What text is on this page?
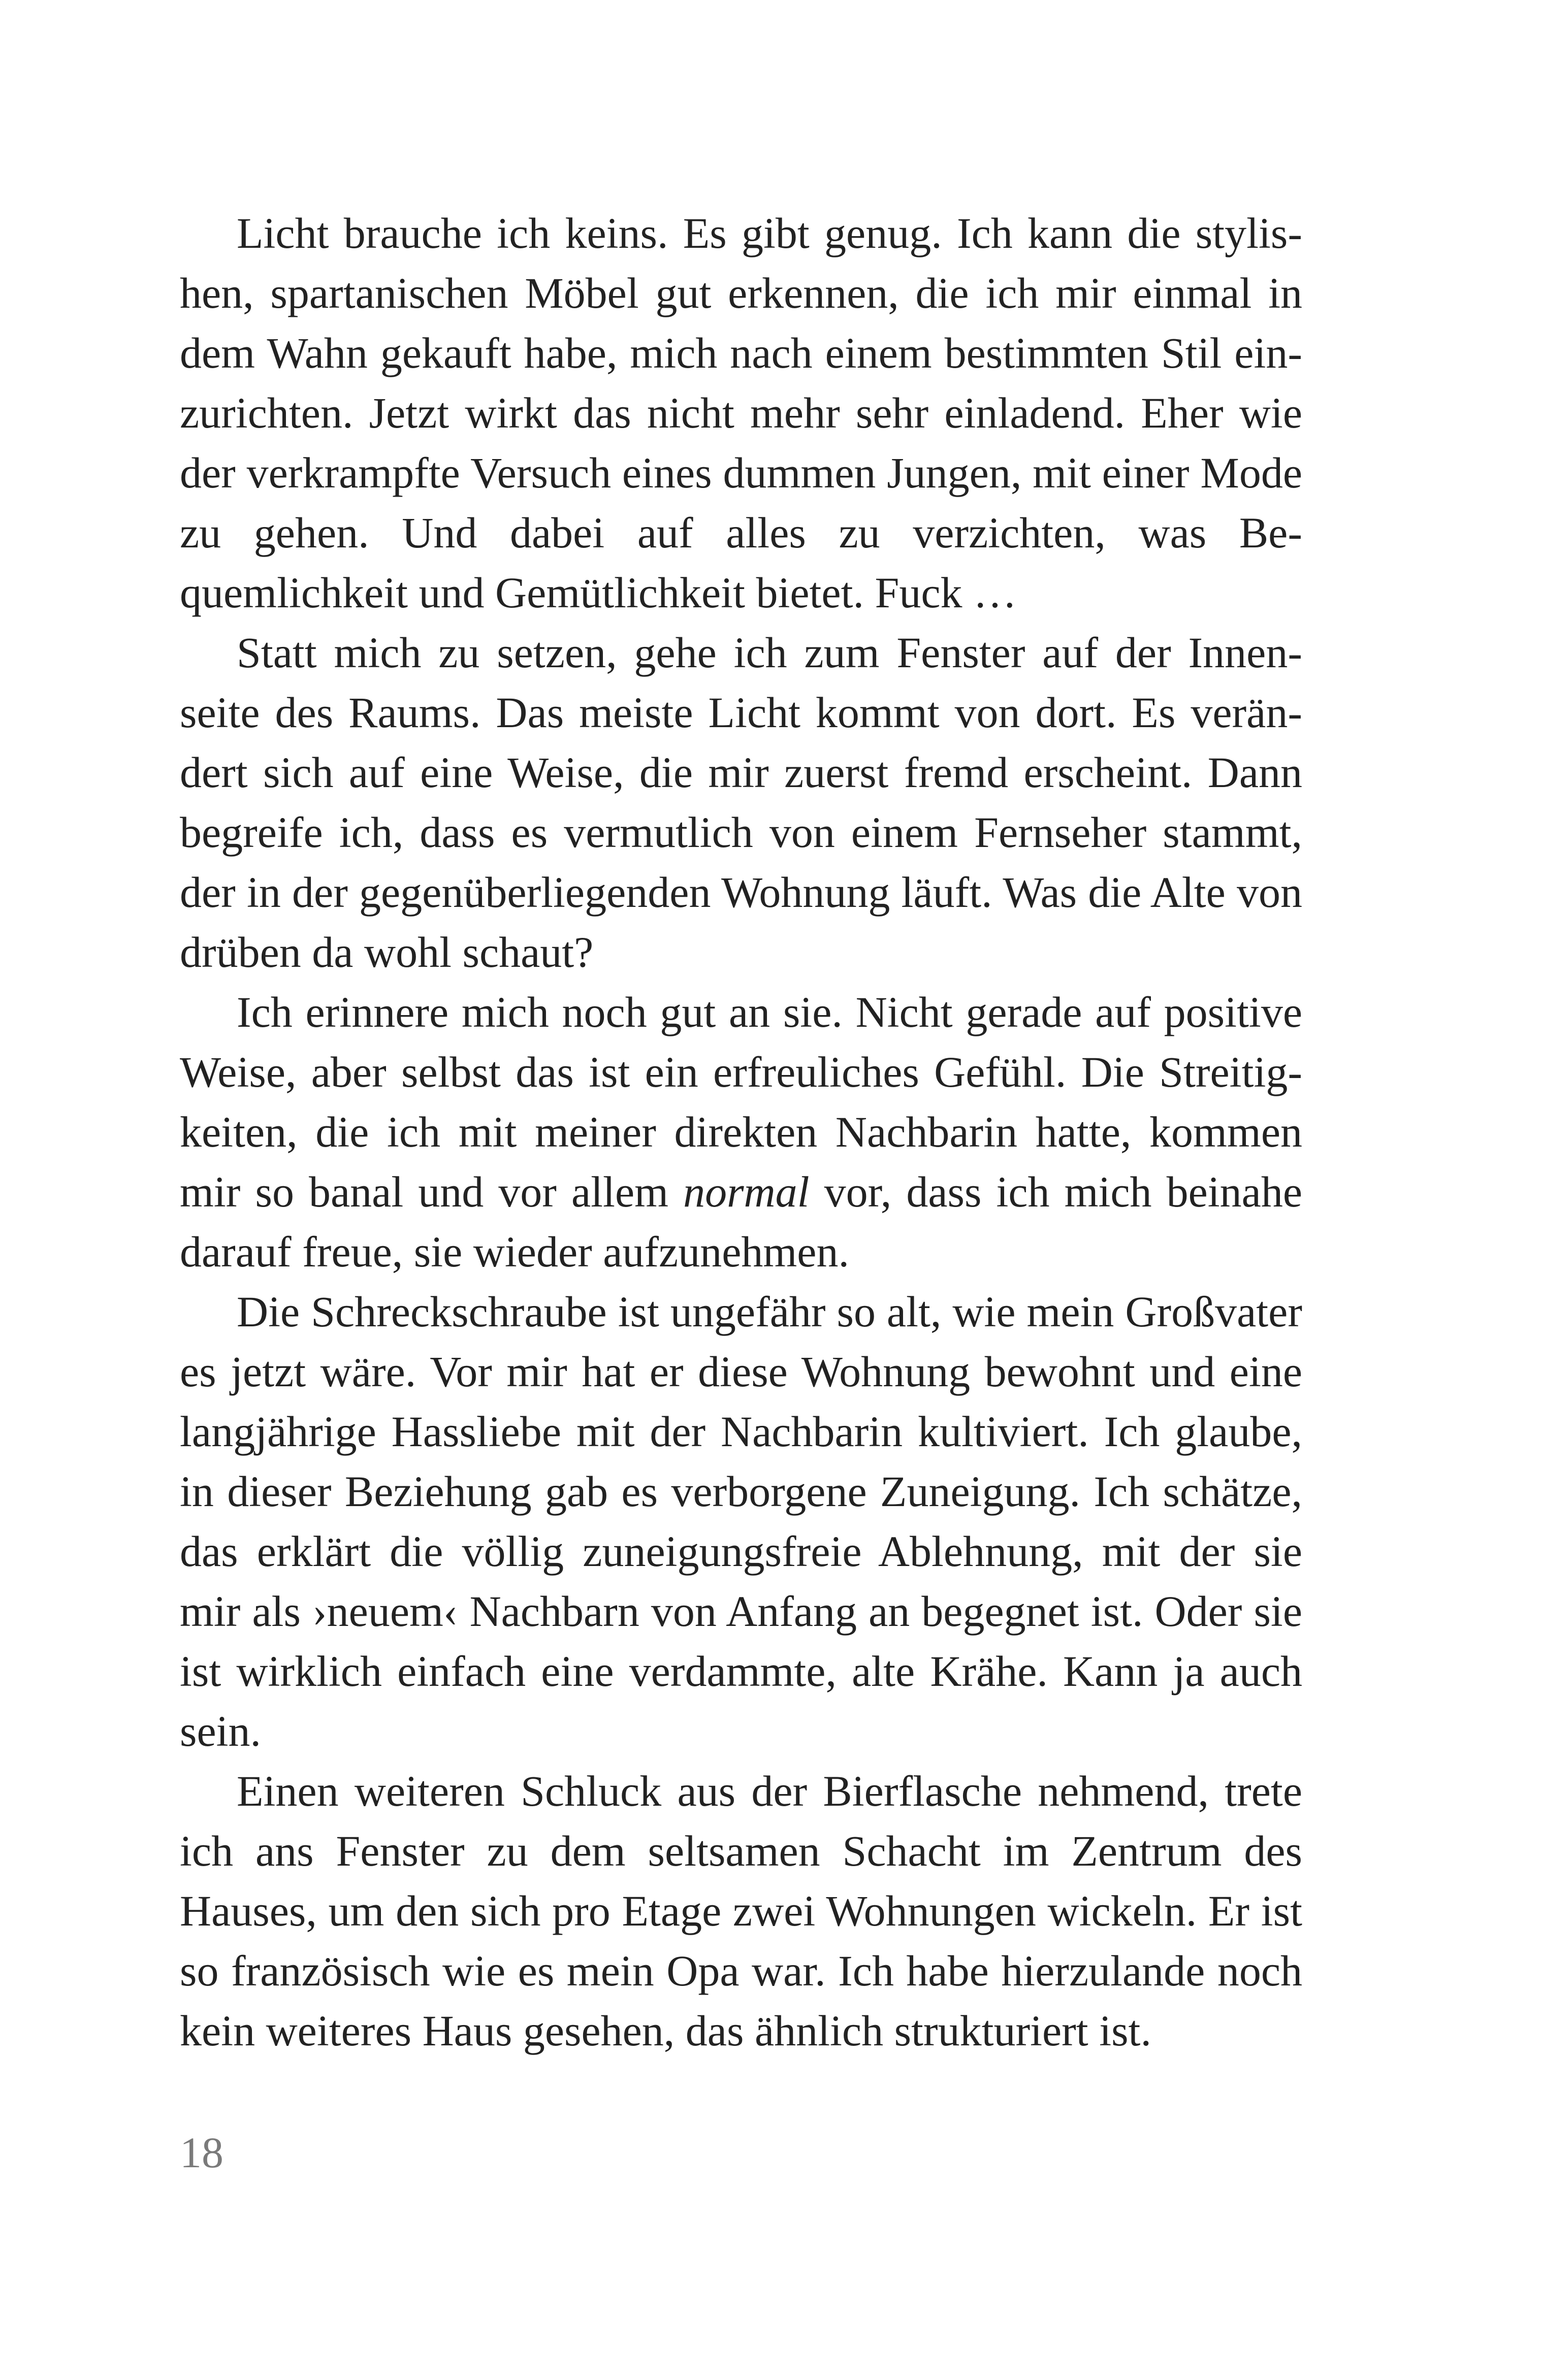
Licht brauche ich keins. Es gibt genug. Ich kann die stylishen, spartanischen Möbel gut erkennen, die ich mir einmal in dem Wahn gekauft habe, mich nach einem bestimmten Stil einzurichten. Jetzt wirkt das nicht mehr sehr einladend. Eher wie der verkrampfte Versuch eines dummen Jungen, mit einer Mode zu gehen. Und dabei auf alles zu verzichten, was Bequemlichkeit und Gemütlichkeit bietet. Fuck …

Statt mich zu setzen, gehe ich zum Fenster auf der Innenseite des Raums. Das meiste Licht kommt von dort. Es verändert sich auf eine Weise, die mir zuerst fremd erscheint. Dann begreife ich, dass es vermutlich von einem Fernseher stammt, der in der gegenüberliegenden Wohnung läuft. Was die Alte von drüben da wohl schaut?

Ich erinnere mich noch gut an sie. Nicht gerade auf positive Weise, aber selbst das ist ein erfreuliches Gefühl. Die Streitigkeiten, die ich mit meiner direkten Nachbarin hatte, kommen mir so banal und vor allem normal vor, dass ich mich beinahe darauf freue, sie wieder aufzunehmen.

Die Schreckschraube ist ungefähr so alt, wie mein Großvater es jetzt wäre. Vor mir hat er diese Wohnung bewohnt und eine langjährige Hassliebe mit der Nachbarin kultiviert. Ich glaube, in dieser Beziehung gab es verborgene Zuneigung. Ich schätze, das erklärt die völlig zuneigungsfreie Ablehnung, mit der sie mir als ›neuem‹ Nachbarn von Anfang an begegnet ist. Oder sie ist wirklich einfach eine verdammte, alte Krähe. Kann ja auch sein.

Einen weiteren Schluck aus der Bierflasche nehmend, trete ich ans Fenster zu dem seltsamen Schacht im Zentrum des Hauses, um den sich pro Etage zwei Wohnungen wickeln. Er ist so französisch wie es mein Opa war. Ich habe hierzulande noch kein weiteres Haus gesehen, das ähnlich strukturiert ist.

18
